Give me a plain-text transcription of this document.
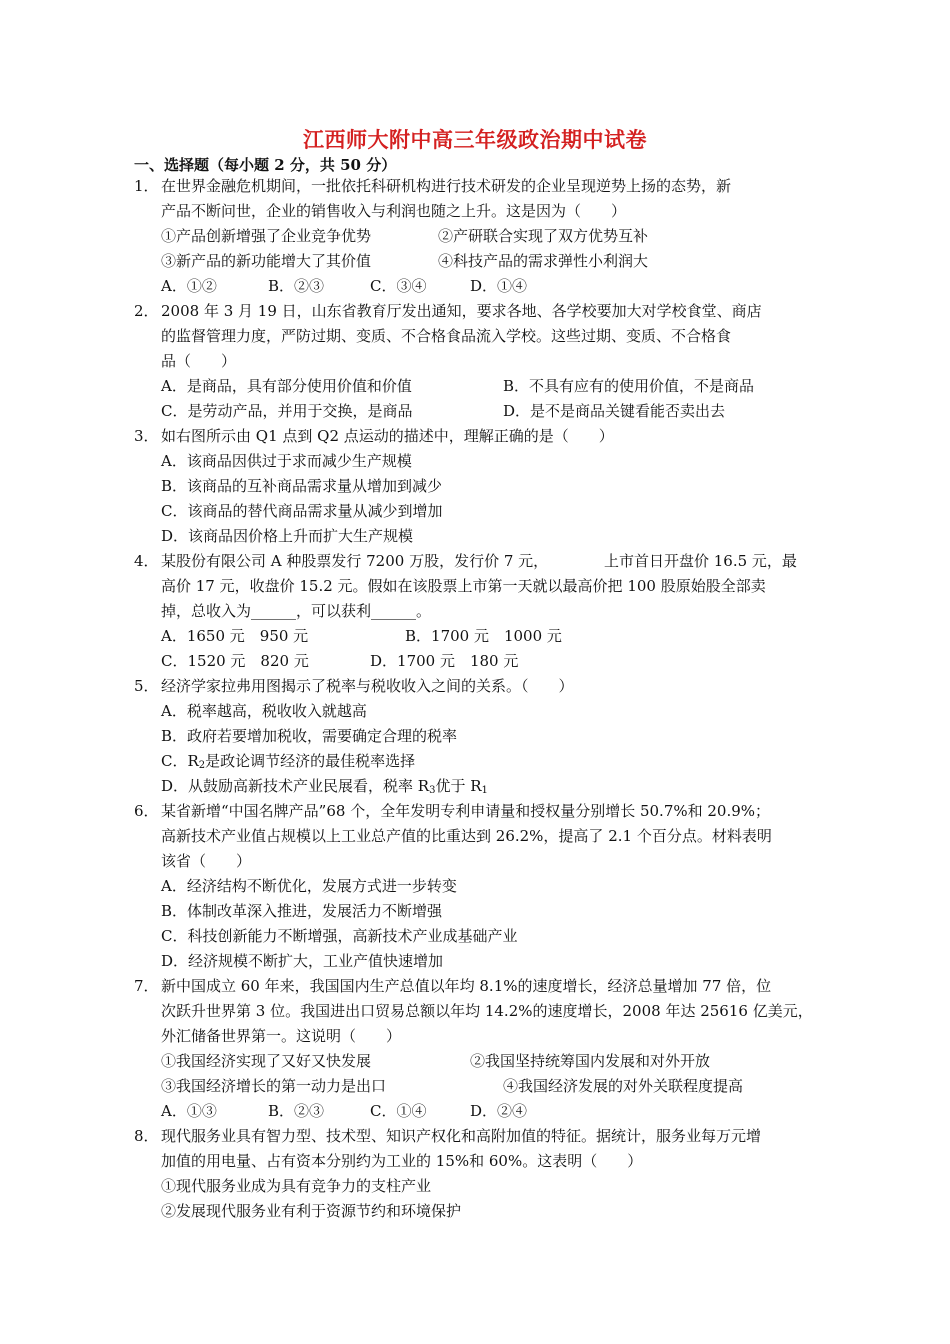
江西师大附中高三年级政治期中试卷
一、选择题（每小题 2 分，共 50 分）
1． 在世界金融危机期间，一批依托科研机构进行技术研发的企业呈现逆势上扬的态势，新
产品不断问世，企业的销售收入与利润也随之上升。这是因为（　　）
①产品创新增强了企业竞争优势	②产研联合实现了双方优势互补
③新产品的新功能增大了其价值	④科技产品的需求弹性小利润大
A．①②	B．②③	C．③④	D．①④
2． 2008 年 3 月 19 日，山东省教育厅发出通知，要求各地、各学校要加大对学校食堂、商店
的监督管理力度，严防过期、变质、不合格食品流入学校。这些过期、变质、不合格食
品（　　）
A．是商品，具有部分使用价值和价值	B．不具有应有的使用价值，不是商品
C．是劳动产品，并用于交换，是商品	D．是不是商品关键看能否卖出去
3． 如右图所示由 Q1 点到 Q2 点运动的描述中，理解正确的是（　　）
A．该商品因供过于求而减少生产规模
B．该商品的互补商品需求量从增加到减少
C．该商品的替代商品需求量从减少到增加
D．该商品因价格上升而扩大生产规模
4． 某股份有限公司 A 种股票发行 7200 万股，发行价 7 元，	上市首日开盘价 16.5 元，最
高价 17 元，收盘价 15.2 元。假如在该股票上市第一天就以最高价把 100 股原始股全部卖
掉，总收入为______，可以获利______。
A．1650 元　950 元	B．1700 元　1000 元
C．1520 元　820 元	D．1700 元　180 元
5． 经济学家拉弗用图揭示了税率与税收收入之间的关系。（　　）
A．税率越高，税收收入就越高
B．政府若要增加税收，需要确定合理的税率
C．$R_2$是政论调节经济的最佳税率选择
D．从鼓励高新技术产业民展看，税率 $R_3$优于 $R_1$
6． 某省新增“中国名牌产品”68 个，全年发明专利申请量和授权量分别增长 50.7%和 20.9%；
高新技术产业值占规模以上工业总产值的比重达到 26.2%，提高了 2.1 个百分点。材料表明
该省（　　）
A．经济结构不断优化，发展方式进一步转变
B．体制改革深入推进，发展活力不断增强
C．科技创新能力不断增强，高新技术产业成基础产业
D．经济规模不断扩大，工业产值快速增加
7． 新中国成立 60 年来，我国国内生产总值以年均 8.1%的速度增长，经济总量增加 77 倍，位
次跃升世界第 3 位。我国进出口贸易总额以年均 14.2%的速度增长，2008 年达 25616 亿美元，
外汇储备世界第一。这说明（　　）
①我国经济实现了又好又快发展	②我国坚持统筹国内发展和对外开放
③我国经济增长的第一动力是出口	④我国经济发展的对外关联程度提高
A．①③	B．②③	C．①④	D．②④
8． 现代服务业具有智力型、技术型、知识产权化和高附加值的特征。据统计，服务业每万元增
加值的用电量、占有资本分别约为工业的 15%和 60%。这表明（　　）
①现代服务业成为具有竞争力的支柱产业
②发展现代服务业有利于资源节约和环境保护
